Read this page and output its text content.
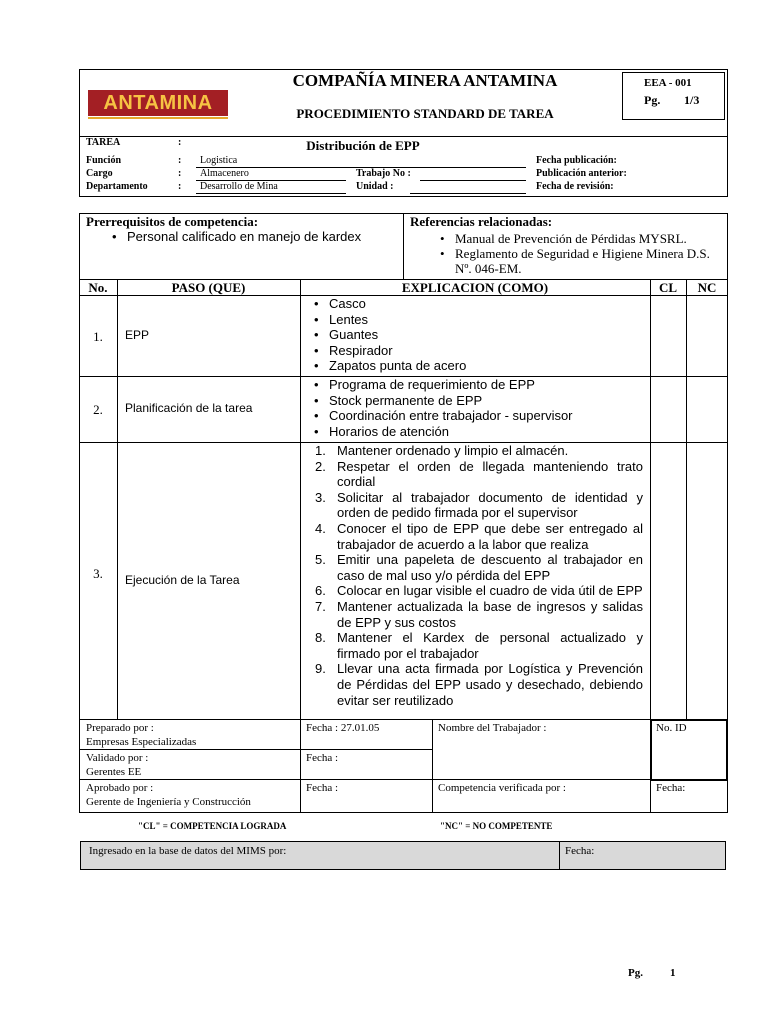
ANTAMINA
COMPAÑÍA MINERA ANTAMINA
PROCEDIMIENTO STANDARD DE TAREA
EEA - 001
Pg. 1/3
TAREA	:	Distribución de EPP
Función	: Logistica
Cargo	: Almacenero
Departamento	: Desarrollo de Mina
Trabajo No :
Unidad :
Fecha publicación:
Publicación anterior:
Fecha de revisión:
Prerrequisitos de competencia:
• Personal calificado en manejo de kardex
Referencias relacionadas:
• Manual de Prevención de Pérdidas MYSRL.
• Reglamento de Seguridad e Higiene Minera D.S. Nº. 046-EM.
No.	PASO (QUE)	EXPLICACION (COMO)	CL	NC
1.	EPP
• Casco
• Lentes
• Guantes
• Respirador
• Zapatos punta de acero
2.	Planificación de la tarea
• Programa de requerimiento de EPP
• Stock permanente de EPP
• Coordinación entre trabajador - supervisor
• Horarios de atención
3.	Ejecución de la Tarea
1. Mantener ordenado y limpio el almacén.
2. Respetar el orden de llegada manteniendo trato cordial
3. Solicitar al trabajador documento de identidad y orden de pedido firmada por el supervisor
4. Conocer el tipo de EPP que debe ser entregado al trabajador de acuerdo a la labor que realiza
5. Emitir una papeleta de descuento al trabajador en caso de mal uso y/o pérdida del EPP
6. Colocar en lugar visible el cuadro de vida útil de EPP
7. Mantener actualizada la base de ingresos y salidas de EPP y sus costos
8. Mantener el Kardex de personal actualizado y firmado por el trabajador
9. Llevar una acta firmada por Logística y Prevención de Pérdidas del EPP usado y desechado, debiendo evitar ser reutilizado
Preparado por :
Empresas Especializadas
Fecha : 27.01.05	Nombre del Trabajador :	No. ID
Validado por :
Gerentes EE
Fecha :
Aprobado por :
Gerente de Ingeniería y Construcción
Fecha :	Competencia verificada por :	Fecha:
"CL" = COMPETENCIA LOGRADA	"NC" = NO COMPETENTE
Ingresado en la base de datos del MIMS por:	Fecha:
Pg. 1
